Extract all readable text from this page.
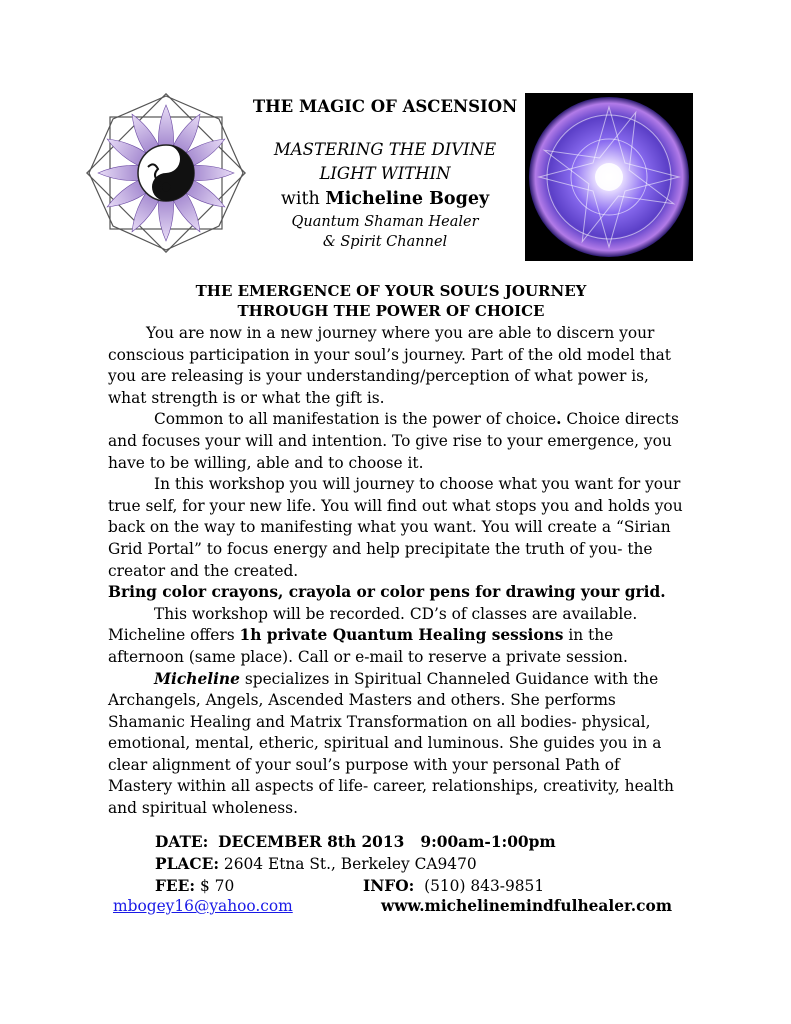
THE MAGIC OF ASCENSION
MASTERING THE DIVINE
LIGHT WITHIN
with Micheline Bogey
Quantum Shaman Healer
& Spirit Channel
THE EMERGENCE OF YOUR SOUL’S JOURNEY
THROUGH THE POWER OF CHOICE

You are now in a new journey where you are able to discern your conscious participation in your soul’s journey. Part of the old model that you are releasing is your understanding/perception of what power is, what strength is or what the gift is.

Common to all manifestation is the power of choice. Choice directs and focuses your will and intention. To give rise to your emergence, you have to be willing, able and to choose it.

In this workshop you will journey to choose what you want for your true self, for your new life. You will find out what stops you and holds you back on the way to manifesting what you want. You will create a “Sirian Grid Portal” to focus energy and help precipitate the truth of you- the creator and the created.

Bring color crayons, crayola or color pens for drawing your grid.

This workshop will be recorded. CD’s of classes are available. Micheline offers 1h private Quantum Healing sessions in the afternoon (same place). Call or e-mail to reserve a private session.

Micheline specializes in Spiritual Channeled Guidance with the Archangels, Angels, Ascended Masters and others. She performs Shamanic Healing and Matrix Transformation on all bodies- physical, emotional, mental, etheric, spiritual and luminous. She guides you in a clear alignment of your soul’s purpose with your personal Path of Mastery within all aspects of life- career, relationships, creativity, health and spiritual wholeness.

DATE: DECEMBER 8th 2013   9:00am-1:00pm
PLACE: 2604 Etna St., Berkeley CA9470
FEE: $ 70	INFO: (510) 843-9851
mbogey16@yahoo.com	www.michelinemindfulhealer.com
